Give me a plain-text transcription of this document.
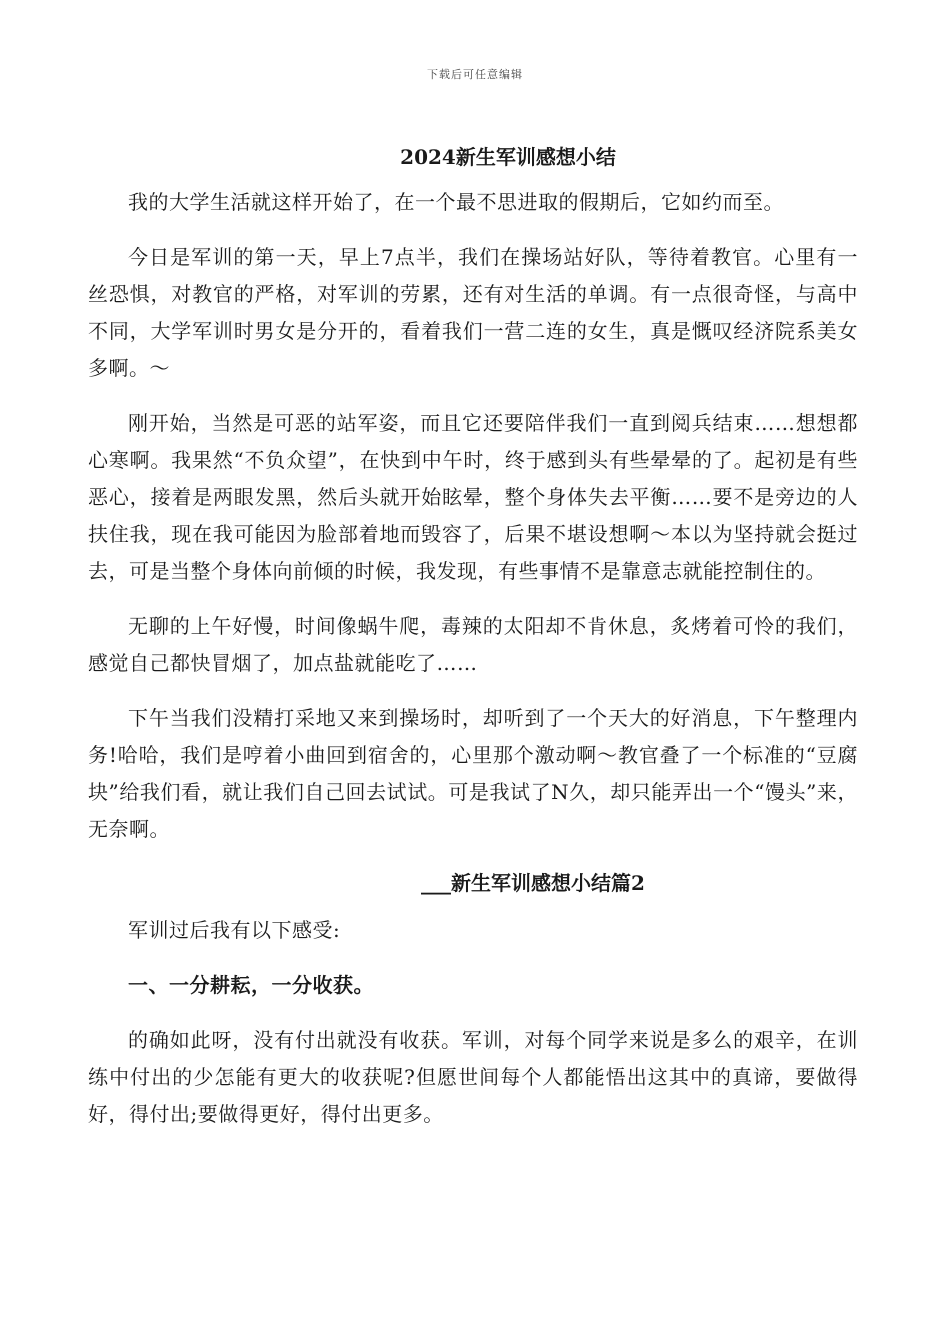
下载后可任意编辑
2024新生军训感想小结

我的大学生活就这样开始了，在一个最不思进取的假期后，它如约而至。

今日是军训的第一天，早上7点半，我们在操场站好队，等待着教官。心里有一丝恐惧，对教官的严格，对军训的劳累，还有对生活的单调。有一点很奇怪，与高中不同，大学军训时男女是分开的，看着我们一营二连的女生，真是慨叹经济院系美女多啊。～

刚开始，当然是可恶的站军姿，而且它还要陪伴我们一直到阅兵结束……想想都心寒啊。我果然“不负众望”，在快到中午时，终于感到头有些晕晕的了。起初是有些恶心，接着是两眼发黑，然后头就开始眩晕，整个身体失去平衡……要不是旁边的人扶住我，现在我可能因为脸部着地而毁容了，后果不堪设想啊～本以为坚持就会挺过去，可是当整个身体向前倾的时候，我发现，有些事情不是靠意志就能控制住的。

无聊的上午好慢，时间像蜗牛爬，毒辣的太阳却不肯休息，炙烤着可怜的我们，感觉自己都快冒烟了，加点盐就能吃了……

下午当我们没精打采地又来到操场时，却听到了一个天大的好消息，下午整理内务!哈哈，我们是哼着小曲回到宿舍的，心里那个激动啊～教官叠了一个标准的“豆腐块”给我们看，就让我们自己回去试试。可是我试了N久，却只能弄出一个“馒头”来，无奈啊。

___新生军训感想小结篇2

军训过后我有以下感受:

一、一分耕耘，一分收获。

的确如此呀，没有付出就没有收获。军训，对每个同学来说是多么的艰辛，在训练中付出的少怎能有更大的收获呢?但愿世间每个人都能悟出这其中的真谛，要做得好，得付出;要做得更好，得付出更多。
